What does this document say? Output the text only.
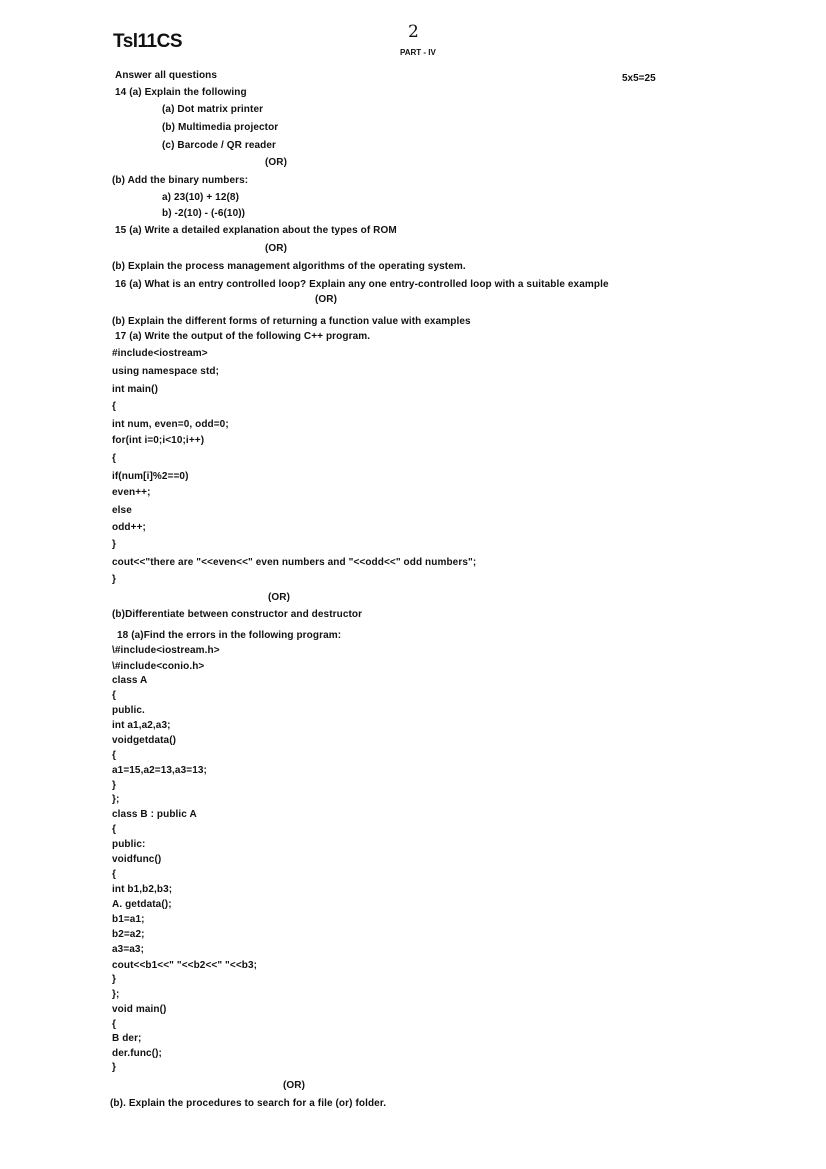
Tsl11CS	2
PART - IV
5x5=25
Answer all questions
14 (a) Explain the following
(a) Dot matrix printer
(b) Multimedia projector
(c) Barcode / QR reader
(OR)
(b) Add the binary numbers:
a) 23(10) + 12(8)
b) -2(10) - (-6(10))
15 (a) Write a detailed explanation about the types of ROM
(OR)
(b) Explain the process management algorithms of the operating system.
16 (a) What is an entry controlled loop? Explain any one entry-controlled loop with a suitable example
(OR)
(b) Explain the different forms of returning a function value with examples
17 (a) Write the output of the following C++ program.
#include<iostream>
using namespace std;
int main()
{
int num, even=0, odd=0;
for(int i=0;i<10;i++)
{
if(num[i]%2==0)
even++;
else
odd++;
}
cout<<"there are "<<even<<" even numbers and "<<odd<<" odd numbers";
}
(OR)
(b)Differentiate between constructor and destructor
18 (a)Find the errors in the following program:
\#include<iostream.h>
\#include<conio.h>
class A
{
public.
int a1,a2,a3;
voidgetdata()
{
a1=15,a2=13,a3=13;
}
};
class B : public A
{
public:
voidfunc()
{
int b1,b2,b3;
A. getdata();
b1=a1;
b2=a2;
a3=a3;
cout<<b1<<" "<<b2<<" "<<b3;
}
};
void main()
{
B der;
der.func();
}
(OR)
(b). Explain the procedures to search for a file (or) folder.
